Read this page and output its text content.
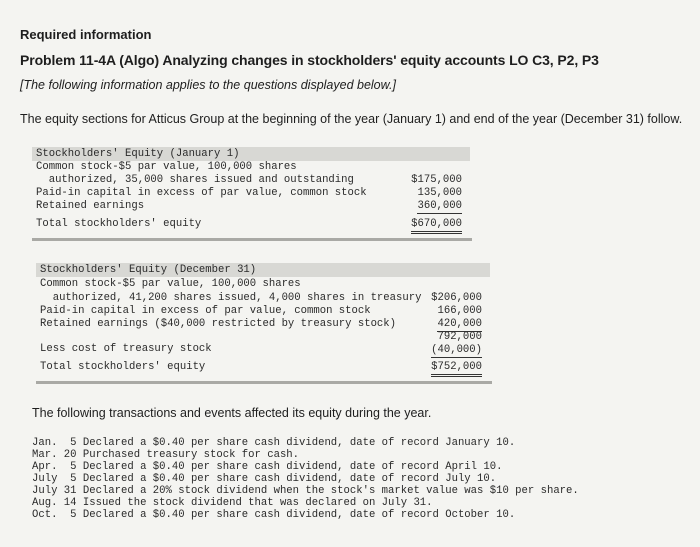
Required information
Problem 11-4A (Algo) Analyzing changes in stockholders' equity accounts LO C3, P2, P3
[The following information applies to the questions displayed below.]
The equity sections for Atticus Group at the beginning of the year (January 1) and end of the year (December 31) follow.
Stockholders' Equity (January 1)
Common stock-$5 par value, 100,000 shares
authorized, 35,000 shares issued and outstanding
Paid-in capital in excess of par value, common stock
Retained earnings
Total stockholders' equity
$175,000
135,000
360,000
$670,000
Stockholders' Equity (December 31)
Common stock-$5 par value, 100,000 shares
authorized, 41,200 shares issued, 4,000 shares in treasury
Paid-in capital in excess of par value, common stock
Retained earnings ($40,000 restricted by treasury stock)
Less cost of treasury stock
Total stockholders' equity
$206,000
166,000
420,000
792,000
(40,000)
$752,000
The following transactions and events affected its equity during the year.
Jan.  5 Declared a $0.40 per share cash dividend, date of record January 10.
Mar. 20 Purchased treasury stock for cash.
Apr.  5 Declared a $0.40 per share cash dividend, date of record April 10.
July  5 Declared a $0.40 per share cash dividend, date of record July 10.
July 31 Declared a 20% stock dividend when the stock's market value was $10 per share.
Aug. 14 Issued the stock dividend that was declared on July 31.
Oct.  5 Declared a $0.40 per share cash dividend, date of record October 10.
